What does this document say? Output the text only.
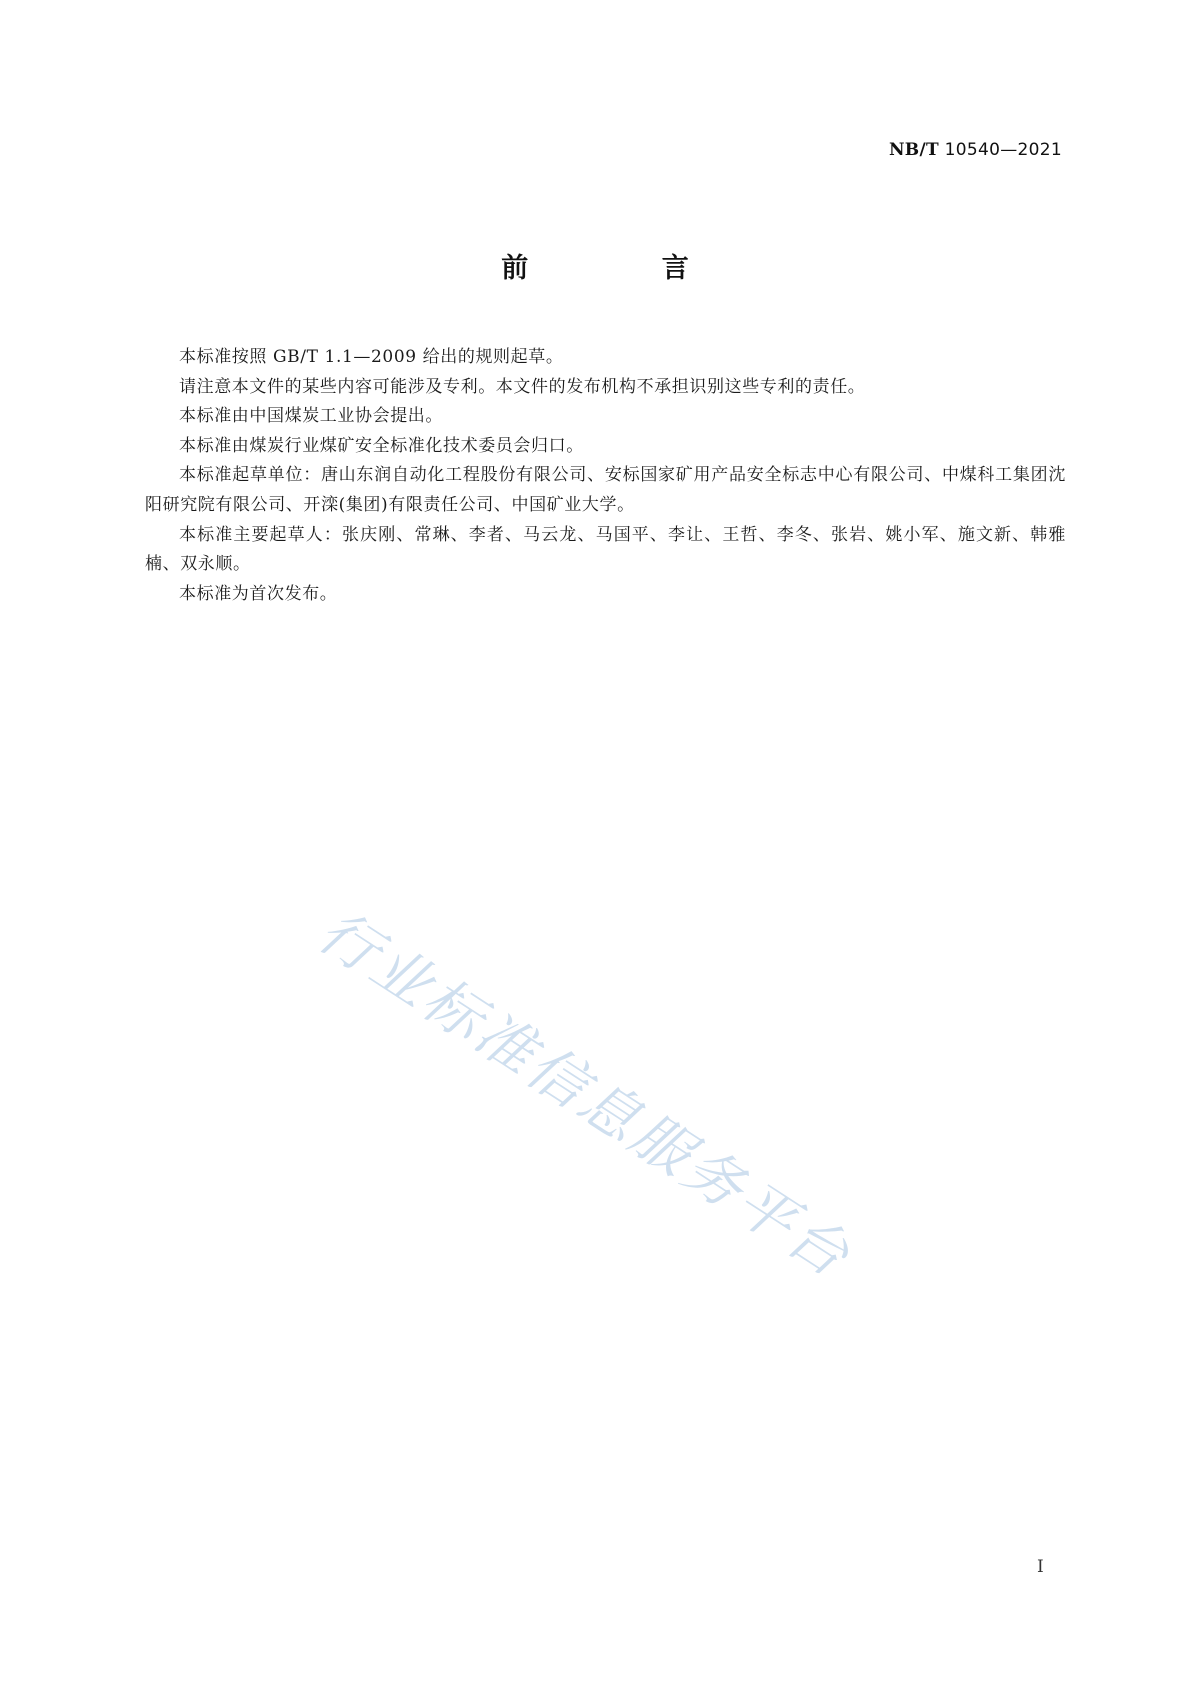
NB/T 10540—2021
前 言

本标准按照 GB/T 1.1—2009 给出的规则起草。

请注意本文件的某些内容可能涉及专利。本文件的发布机构不承担识别这些专利的责任。

本标准由中国煤炭工业协会提出。

本标准由煤炭行业煤矿安全标准化技术委员会归口。

本标准起草单位：唐山东润自动化工程股份有限公司、安标国家矿用产品安全标志中心有限公司、中煤科工集团沈阳研究院有限公司、开滦(集团)有限责任公司、中国矿业大学。

本标准主要起草人：张庆刚、常琳、李者、马云龙、马国平、李让、王哲、李冬、张岩、姚小军、施文新、韩雅楠、双永顺。

本标准为首次发布。

行业标准信息服务平台
I
